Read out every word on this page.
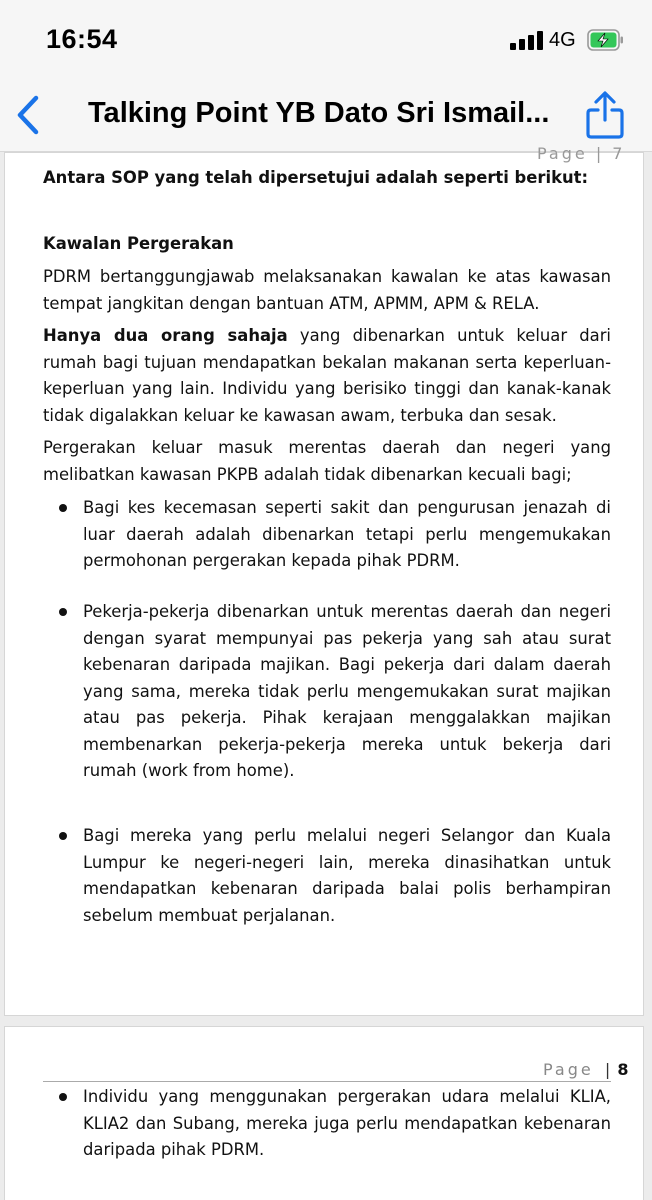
16:54	4G
Talking Point YB Dato Sri Ismail...
Page | 7
Antara SOP yang telah dipersetujui adalah seperti berikut:
Kawalan Pergerakan
PDRM bertanggungjawab melaksanakan kawalan ke atas kawasan tempat jangkitan dengan bantuan ATM, APMM, APM & RELA.
Hanya dua orang sahaja yang dibenarkan untuk keluar dari rumah bagi tujuan mendapatkan bekalan makanan serta keperluan-keperluan yang lain. Individu yang berisiko tinggi dan kanak-kanak tidak digalakkan keluar ke kawasan awam, terbuka dan sesak.
Pergerakan keluar masuk merentas daerah dan negeri yang melibatkan kawasan PKPB adalah tidak dibenarkan kecuali bagi;
Bagi kes kecemasan seperti sakit dan pengurusan jenazah di luar daerah adalah dibenarkan tetapi perlu mengemukakan permohonan pergerakan kepada pihak PDRM.
Pekerja-pekerja dibenarkan untuk merentas daerah dan negeri dengan syarat mempunyai pas pekerja yang sah atau surat kebenaran daripada majikan. Bagi pekerja dari dalam daerah yang sama, mereka tidak perlu mengemukakan surat majikan atau pas pekerja. Pihak kerajaan menggalakkan majikan membenarkan pekerja-pekerja mereka untuk bekerja dari rumah (work from home).
Bagi mereka yang perlu melalui negeri Selangor dan Kuala Lumpur ke negeri-negeri lain, mereka dinasihatkan untuk mendapatkan kebenaran daripada balai polis berhampiran sebelum membuat perjalanan.
Page | 8
Individu yang menggunakan pergerakan udara melalui KLIA, KLIA2 dan Subang, mereka juga perlu mendapatkan kebenaran daripada pihak PDRM.
